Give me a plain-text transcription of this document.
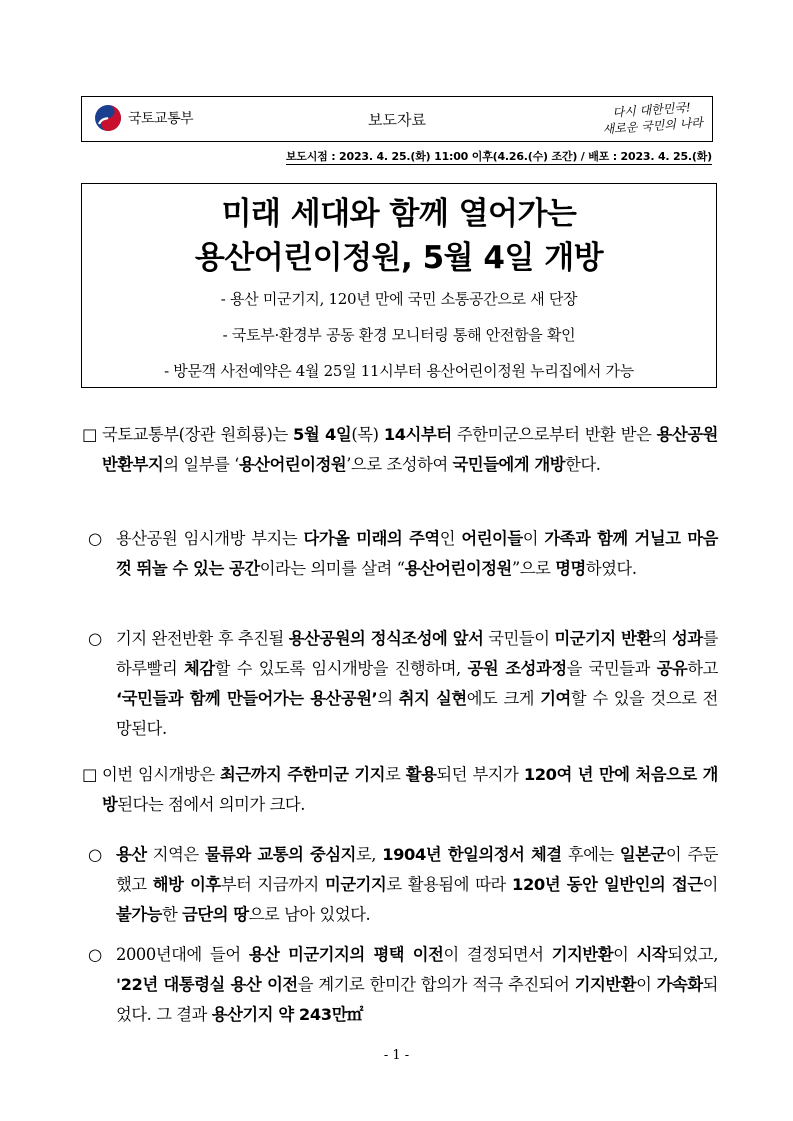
국토교통부	보도자료
다시 대한민국!
새로운 국민의 나라
보도시점 : 2023. 4. 25.(화) 11:00 이후(4.26.(수) 조간) / 배포 : 2023. 4. 25.(화)
미래 세대와 함께 열어가는
용산어린이정원, 5월 4일 개방
- 용산 미군기지, 120년 만에 국민 소통공간으로 새 단장
- 국토부·환경부 공동 환경 모니터링 통해 안전함을 확인
- 방문객 사전예약은 4월 25일 11시부터 용산어린이정원 누리집에서 가능
□ 국토교통부(장관 원희룡)는 5월 4일(목) 14시부터 주한미군으로부터 반환 받은 용산공원 반환부지의 일부를 ‘용산어린이정원’으로 조성하여 국민들에게 개방한다.
○ 용산공원 임시개방 부지는 다가올 미래의 주역인 어린이들이 가족과 함께 거닐고 마음껏 뛰놀 수 있는 공간이라는 의미를 살려 “용산어린이정원”으로 명명하였다.
○ 기지 완전반환 후 추진될 용산공원의 정식조성에 앞서 국민들이 미군기지 반환의 성과를 하루빨리 체감할 수 있도록 임시개방을 진행하며, 공원 조성과정을 국민들과 공유하고 ‘국민들과 함께 만들어가는 용산공원’의 취지 실현에도 크게 기여할 수 있을 것으로 전망된다.
□ 이번 임시개방은 최근까지 주한미군 기지로 활용되던 부지가 120여 년 만에 처음으로 개방된다는 점에서 의미가 크다.
○ 용산 지역은 물류와 교통의 중심지로, 1904년 한일의정서 체결 후에는 일본군이 주둔했고 해방 이후부터 지금까지 미군기지로 활용됨에 따라 120년 동안 일반인의 접근이 불가능한 금단의 땅으로 남아 있었다.
○ 2000년대에 들어 용산 미군기지의 평택 이전이 결정되면서 기지반환이 시작되었고, '22년 대통령실 용산 이전을 계기로 한미간 합의가 적극 추진되어 기지반환이 가속화되었다. 그 결과 용산기지 약 243만㎡
- 1 -
